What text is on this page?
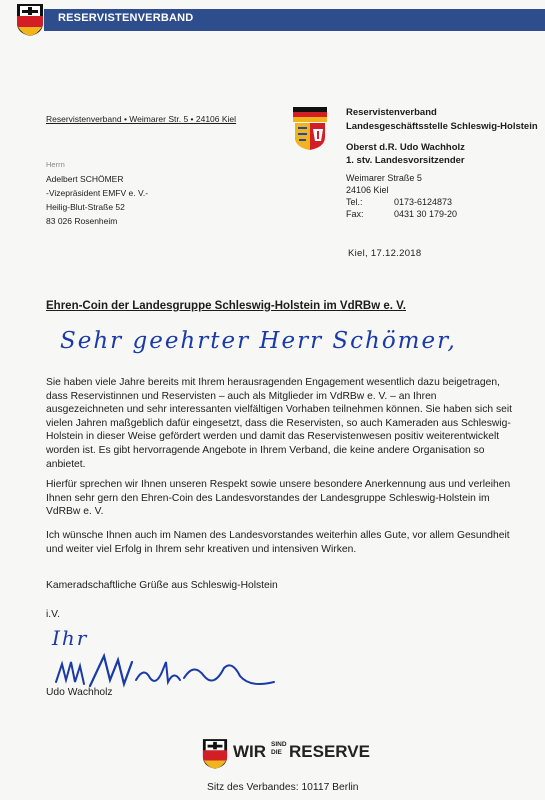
RESERVISTENVERBAND
Reservistenverband • Weimarer Str. 5 • 24106 Kiel
Herrn
Adelbert SCHÖMER
-Vizepräsident EMFV e. V.-
Heilig-Blut-Straße 52
83 026 Rosenheim
Reservistenverband
Landesgeschäftsstelle Schleswig-Holstein
Oberst d.R. Udo Wachholz
1. stv. Landesvorsitzender
Weimarer Straße 5
24106 Kiel
Tel.:	0173-6124873
Fax:	0431 30 179-20
Kiel, 17.12.2018
Ehren-Coin der Landesgruppe Schleswig-Holstein im VdRBw e. V.
Sehr geehrter Herr Schömer,
Sie haben viele Jahre bereits mit Ihrem herausragenden Engagement wesentlich dazu beigetragen, dass Reservistinnen und Reservisten – auch als Mitglieder im VdRBw e. V. – an Ihren ausgezeichneten und sehr interessanten vielfältigen Vorhaben teilnehmen können. Sie haben sich seit vielen Jahren maßgeblich dafür eingesetzt, dass die Reservisten, so auch Kameraden aus Schleswig-Holstein in dieser Weise gefördert werden und damit das Reservistenwesen positiv weiterentwickelt worden ist. Es gibt hervorragende Angebote in Ihrem Verband, die keine andere Organisation so anbietet.
Hierfür sprechen wir Ihnen unseren Respekt sowie unsere besondere Anerkennung aus und verleihen Ihnen sehr gern den Ehren-Coin des Landesvorstandes der Landesgruppe Schleswig-Holstein im VdRBw e. V.
Ich wünsche Ihnen auch im Namen des Landesvorstandes weiterhin alles Gute, vor allem Gesundheit und weiter viel Erfolg in Ihrem sehr kreativen und intensiven Wirken.
Kameradschaftliche Grüße aus Schleswig-Holstein
i.V.
Ihr
Udo Wachholz
WIR SIND
DIE RESERVE
Sitz des Verbandes: 10117 Berlin
